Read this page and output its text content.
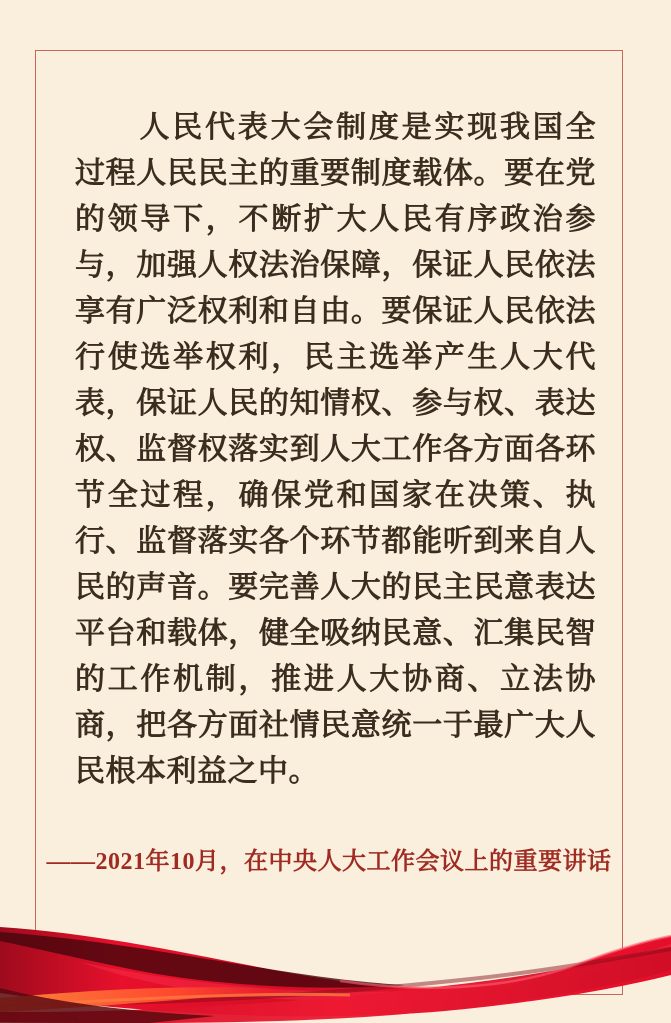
人民代表大会制度是实现我国全过程人民民主的重要制度载体。要在党的领导下，不断扩大人民有序政治参与，加强人权法治保障，保证人民依法享有广泛权利和自由。要保证人民依法行使选举权利，民主选举产生人大代表，保证人民的知情权、参与权、表达权、监督权落实到人大工作各方面各环节全过程，确保党和国家在决策、执行、监督落实各个环节都能听到来自人民的声音。要完善人大的民主民意表达平台和载体，健全吸纳民意、汇集民智的工作机制，推进人大协商、立法协商，把各方面社情民意统一于最广大人民根本利益之中。

——2021年10月，在中央人大工作会议上的重要讲话
